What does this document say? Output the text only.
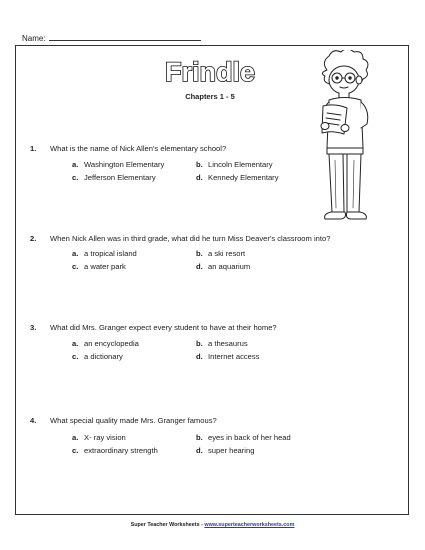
Name:
Frindle
Chapters 1 - 5
1. What is the name of Nick Allen's elementary school?
a. Washington Elementary	b. Lincoln Elementary
c. Jefferson Elementary	d. Kennedy Elementary
2. When Nick Allen was in third grade, what did he turn Miss Deaver's classroom into?
a. a tropical island	b. a ski resort
c. a water park	d. an aquarium
3. What did Mrs. Granger expect every student to have at their home?
a. an encyclopedia	b. a thesaurus
c. a dictionary	d. Internet access
4. What special quality made Mrs. Granger famous?
a. X- ray vision	b. eyes in back of her head
c. extraordinary strength	d. super hearing
Super Teacher Worksheets - www.superteacherworksheets.com
